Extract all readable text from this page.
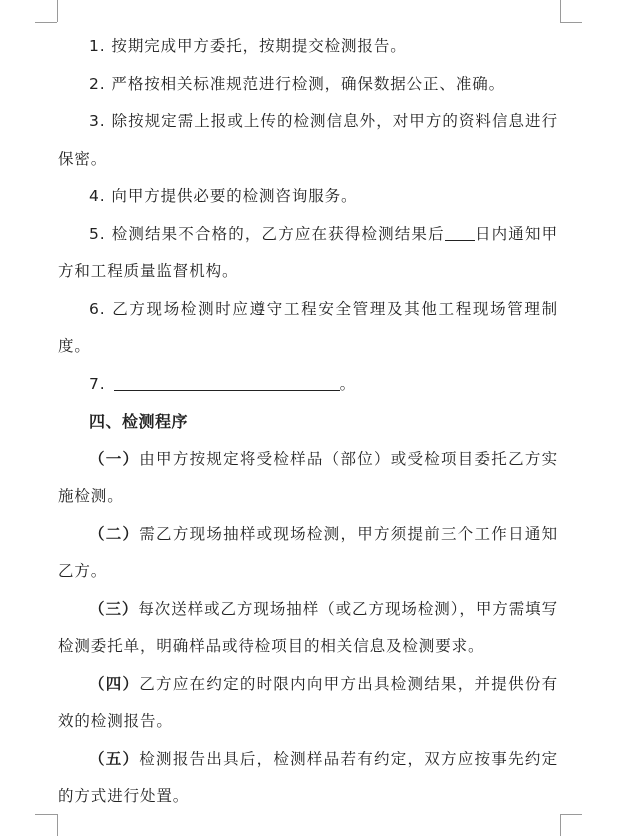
1. 按期完成甲方委托，按期提交检测报告。

2. 严格按相关标准规范进行检测，确保数据公正、准确。

3. 除按规定需上报或上传的检测信息外，对甲方的资料信息进行保密。

4. 向甲方提供必要的检测咨询服务。

5. 检测结果不合格的，乙方应在获得检测结果后 日内通知甲方和工程质量监督机构。

6. 乙方现场检测时应遵守工程安全管理及其他工程现场管理制度。

7.	。

四、检测程序

（一）由甲方按规定将受检样品（部位）或受检项目委托乙方实施检测。

（二）需乙方现场抽样或现场检测，甲方须提前三个工作日通知乙方。

（三）每次送样或乙方现场抽样（或乙方现场检测），甲方需填写检测委托单，明确样品或待检项目的相关信息及检测要求。

（四）乙方应在约定的时限内向甲方出具检测结果，并提供份有效的检测报告。

（五）检测报告出具后，检测样品若有约定，双方应按事先约定的方式进行处置。
